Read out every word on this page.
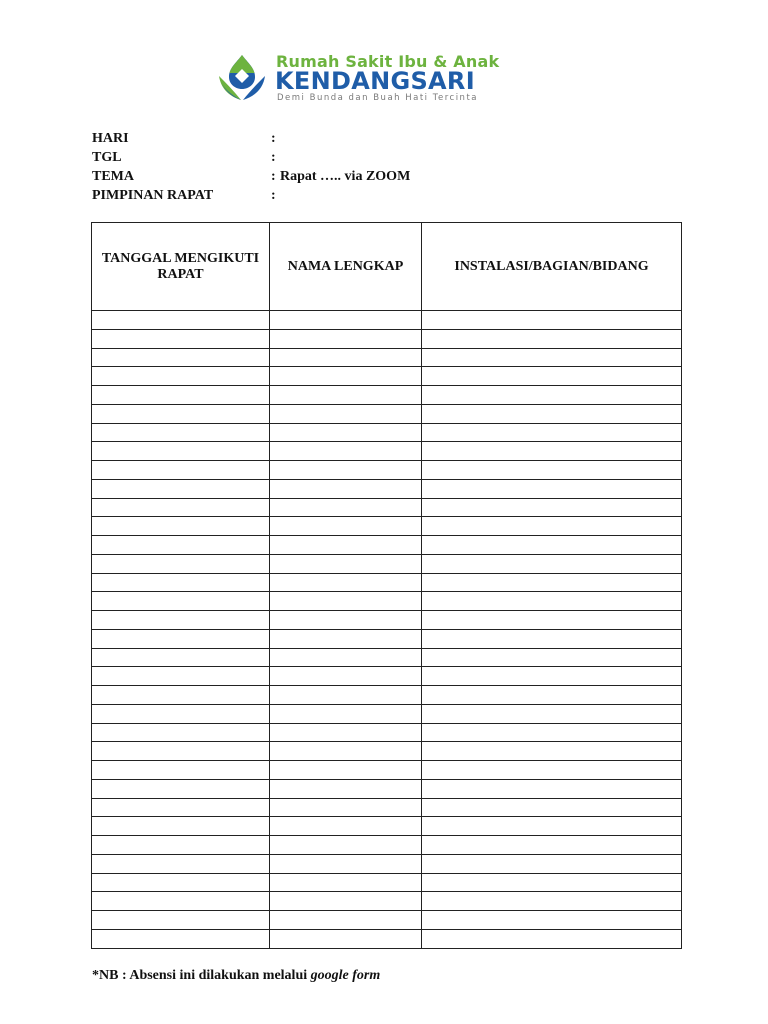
Rumah Sakit Ibu & Anak
KENDANGSARI
Demi Bunda dan Buah Hati Tercinta
HARI	:
TGL	:
TEMA	: Rapat ….. via ZOOM
PIMPINAN RAPAT	:
TANGGAL MENGIKUTI RAPAT	NAMA LENGKAP	INSTALASI/BAGIAN/BIDANG

*NB : Absensi ini dilakukan melalui google form
